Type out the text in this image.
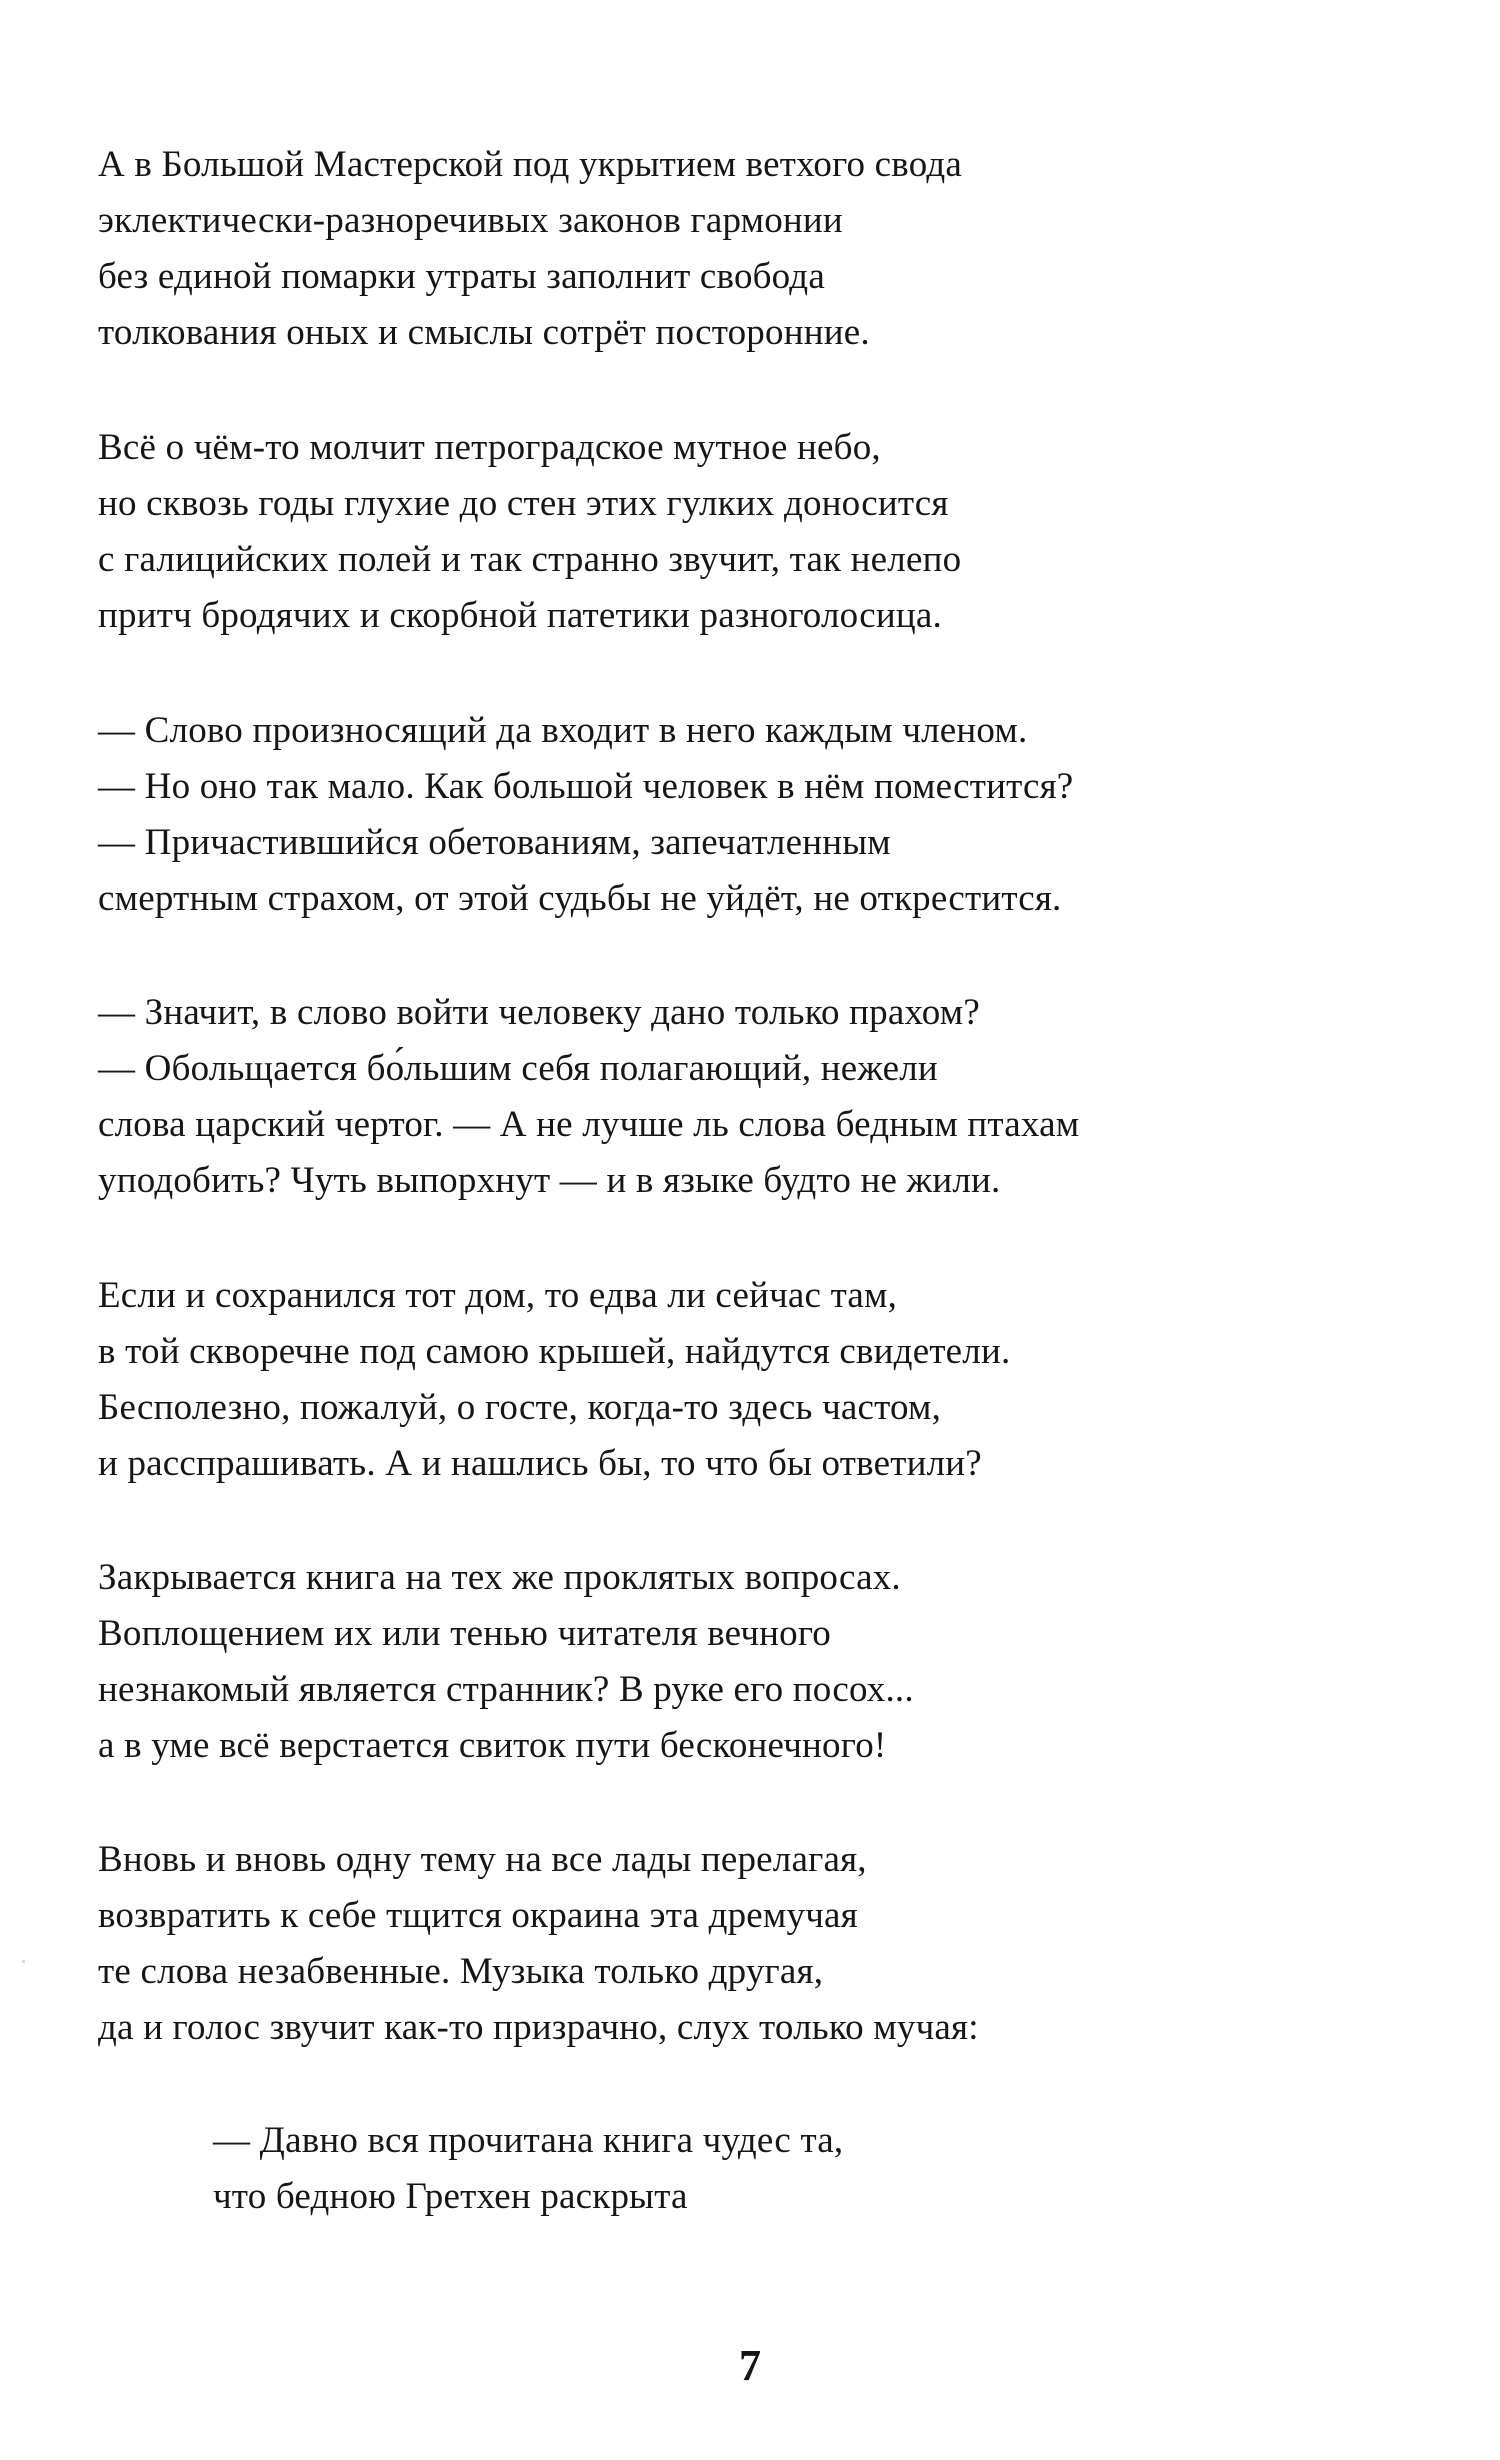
А в Большой Мастерской под укрытием ветхого свода
эклектически-разноречивых законов гармонии
без единой помарки утраты заполнит свобода
толкования оных и смыслы сотрёт посторонние.
Всё о чём-то молчит петроградское мутное небо,
но сквозь годы глухие до стен этих гулких доносится
с галицийских полей и так странно звучит, так нелепо
притч бродячих и скорбной патетики разноголосица.
— Слово произносящий да входит в него каждым членом.
— Но оно так мало. Как большой человек в нём поместится?
— Причастившийся обетованиям, запечатленным
смертным страхом, от этой судьбы не уйдёт, не открестится.
— Значит, в слово войти человеку дано только прахом?
— Обольщается бо́льшим себя полагающий, нежели
слова царский чертог. — А не лучше ль слова бедным птахам
уподобить? Чуть выпорхнут — и в языке будто не жили.
Если и сохранился тот дом, то едва ли сейчас там,
в той скворечне под самою крышей, найдутся свидетели.
Бесполезно, пожалуй, о госте, когда-то здесь частом,
и расспрашивать. А и нашлись бы, то что бы ответили?
Закрывается книга на тех же проклятых вопросах.
Воплощением их или тенью читателя вечного
незнакомый является странник? В руке его посох...
а в уме всё верстается свиток пути бесконечного!
Вновь и вновь одну тему на все лады перелагая,
возвратить к себе тщится окраина эта дремучая
те слова незабвенные. Музыка только другая,
да и голос звучит как-то призрачно, слух только мучая:
— Давно вся прочитана книга чудес та,
что бедною Гретхен раскрыта
7
